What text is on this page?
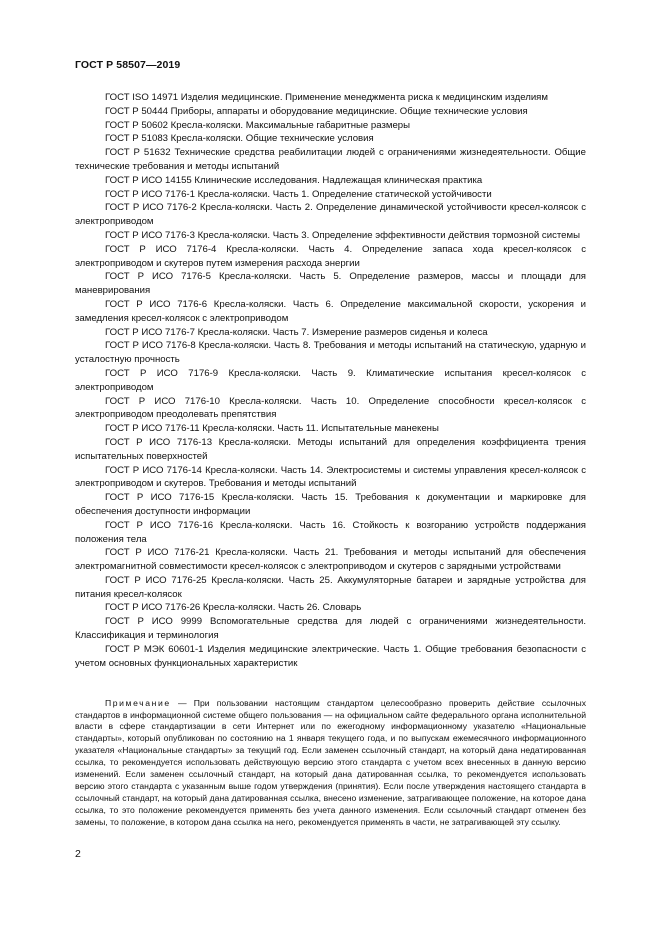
ГОСТ Р 58507—2019

ГОСТ ISO 14971 Изделия медицинские. Применение менеджмента риска к медицинским изделиям

ГОСТ Р 50444 Приборы, аппараты и оборудование медицинские. Общие технические условия

ГОСТ Р 50602 Кресла-коляски. Максимальные габаритные размеры

ГОСТ Р 51083 Кресла-коляски. Общие технические условия

ГОСТ Р 51632 Технические средства реабилитации людей с ограничениями жизнедеятельности. Общие технические требования и методы испытаний

ГОСТ Р ИСО 14155 Клинические исследования. Надлежащая клиническая практика

ГОСТ Р ИСО 7176-1 Кресла-коляски. Часть 1. Определение статической устойчивости

ГОСТ Р ИСО 7176-2 Кресла-коляски. Часть 2. Определение динамической устойчивости кресел-колясок с электроприводом

ГОСТ Р ИСО 7176-3 Кресла-коляски. Часть 3. Определение эффективности действия тормозной системы

ГОСТ Р ИСО 7176-4 Кресла-коляски. Часть 4. Определение запаса хода кресел-колясок с электроприводом и скутеров путем измерения расхода энергии

ГОСТ Р ИСО 7176-5 Кресла-коляски. Часть 5. Определение размеров, массы и площади для маневрирования

ГОСТ Р ИСО 7176-6 Кресла-коляски. Часть 6. Определение максимальной скорости, ускорения и замедления кресел-колясок с электроприводом

ГОСТ Р ИСО 7176-7 Кресла-коляски. Часть 7. Измерение размеров сиденья и колеса

ГОСТ Р ИСО 7176-8 Кресла-коляски. Часть 8. Требования и методы испытаний на статическую, ударную и усталостную прочность

ГОСТ Р ИСО 7176-9 Кресла-коляски. Часть 9. Климатические испытания кресел-колясок с электроприводом

ГОСТ Р ИСО 7176-10 Кресла-коляски. Часть 10. Определение способности кресел-колясок с электроприводом преодолевать препятствия

ГОСТ Р ИСО 7176-11 Кресла-коляски. Часть 11. Испытательные манекены

ГОСТ Р ИСО 7176-13 Кресла-коляски. Методы испытаний для определения коэффициента трения испытательных поверхностей

ГОСТ Р ИСО 7176-14 Кресла-коляски. Часть 14. Электросистемы и системы управления кресел-колясок с электроприводом и скутеров. Требования и методы испытаний

ГОСТ Р ИСО 7176-15 Кресла-коляски. Часть 15. Требования к документации и маркировке для обеспечения доступности информации

ГОСТ Р ИСО 7176-16 Кресла-коляски. Часть 16. Стойкость к возгоранию устройств поддержания положения тела

ГОСТ Р ИСО 7176-21 Кресла-коляски. Часть 21. Требования и методы испытаний для обеспечения электромагнитной совместимости кресел-колясок с электроприводом и скутеров с зарядными устройствами

ГОСТ Р ИСО 7176-25 Кресла-коляски. Часть 25. Аккумуляторные батареи и зарядные устройства для питания кресел-колясок

ГОСТ Р ИСО 7176-26 Кресла-коляски. Часть 26. Словарь

ГОСТ Р ИСО 9999 Вспомогательные средства для людей с ограничениями жизнедеятельности. Классификация и терминология

ГОСТ Р МЭК 60601-1 Изделия медицинские электрические. Часть 1. Общие требования безопасности с учетом основных функциональных характеристик

Примечание — При пользовании настоящим стандартом целесообразно проверить действие ссылочных стандартов в информационной системе общего пользования — на официальном сайте федерального органа исполнительной власти в сфере стандартизации в сети Интернет или по ежегодному информационному указателю «Национальные стандарты», который опубликован по состоянию на 1 января текущего года, и по выпускам ежемесячного информационного указателя «Национальные стандарты» за текущий год. Если заменен ссылочный стандарт, на который дана недатированная ссылка, то рекомендуется использовать действующую версию этого стандарта с учетом всех внесенных в данную версию изменений. Если заменен ссылочный стандарт, на который дана датированная ссылка, то рекомендуется использовать версию этого стандарта с указанным выше годом утверждения (принятия). Если после утверждения настоящего стандарта в ссылочный стандарт, на который дана датированная ссылка, внесено изменение, затрагивающее положение, на которое дана ссылка, то это положение рекомендуется применять без учета данного изменения. Если ссылочный стандарт отменен без замены, то положение, в котором дана ссылка на него, рекомендуется применять в части, не затрагивающей эту ссылку.

2
